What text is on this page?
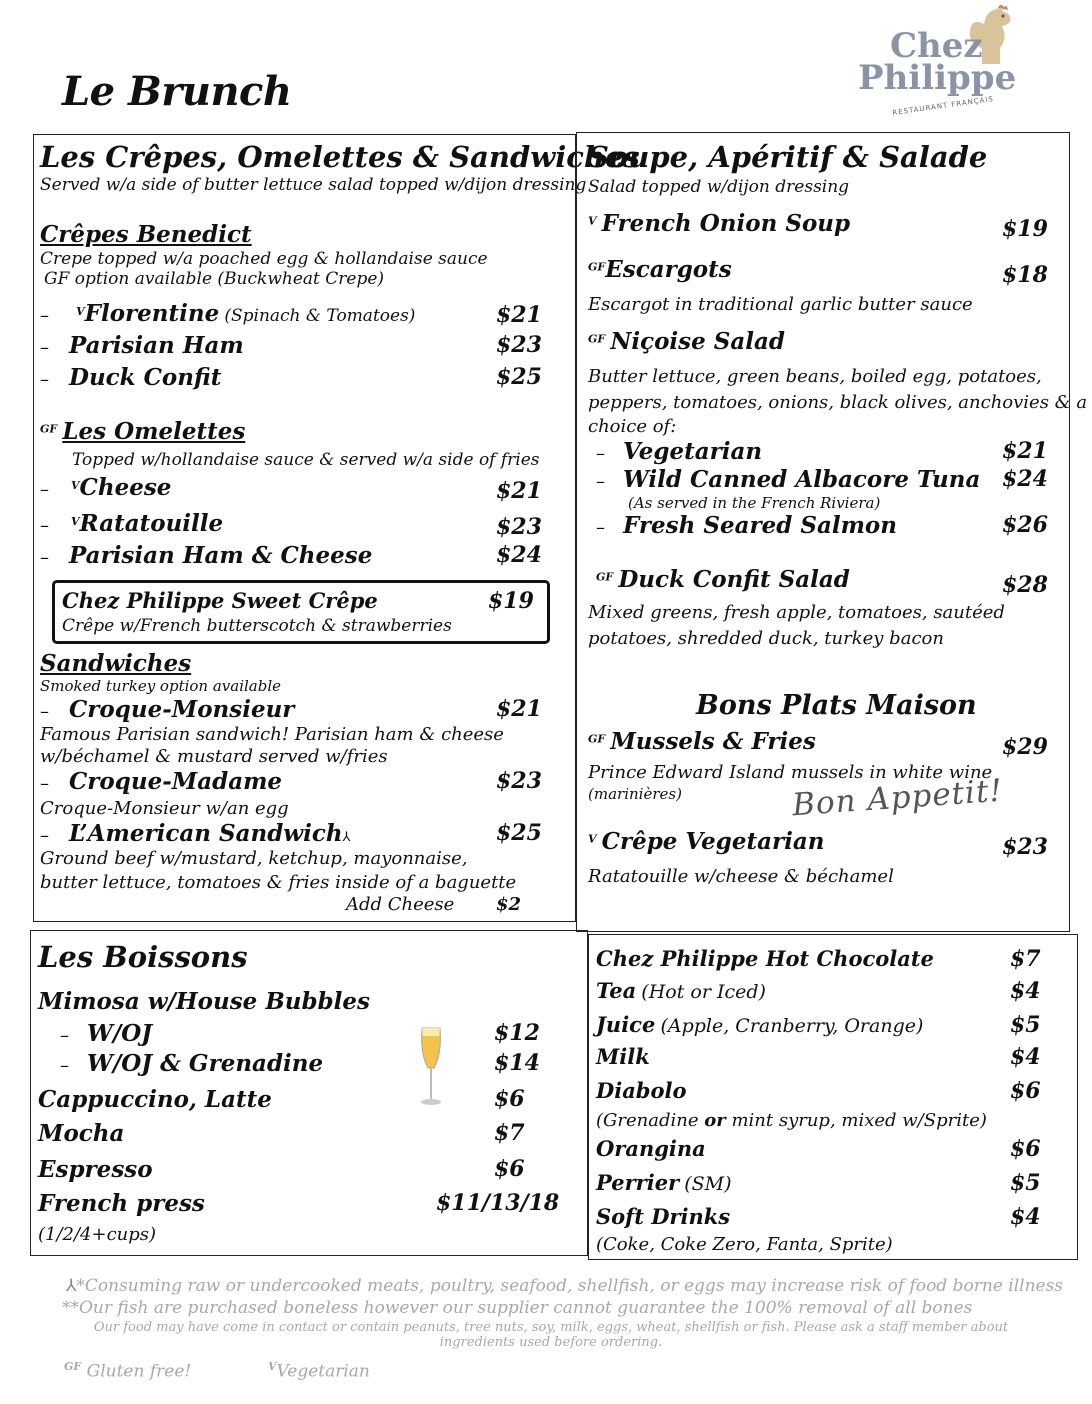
Le Brunch
Chez
Philippe
RESTAURANT FRANÇAIS
Les Crêpes, Omelettes & Sandwiches
Served w/a side of butter lettuce salad topped w/dijon dressing
Crêpes Benedict
Crepe topped w/a poached egg & hollandaise sauce
GF option available (Buckwheat Crepe)
– $^V$Florentine (Spinach & Tomatoes)	$21
– Parisian Ham	$23
– Duck Confit	$25
$^{GF}$ Les Omelettes
Topped w/hollandaise sauce & served w/a side of fries
– $^V$Cheese	$21
– $^V$Ratatouille	$23
– Parisian Ham & Cheese	$24
Chez Philippe Sweet Crêpe	$19
Crêpe w/French butterscotch & strawberries
Sandwiches
Smoked turkey option available
– Croque-Monsieur	$21
Famous Parisian sandwich! Parisian ham & cheese
w/béchamel & mustard served w/fries
– Croque-Madame	$23
Croque-Monsieur w/an egg
– L’American Sandwich⅄	$25
Ground beef w/mustard, ketchup, mayonnaise,
butter lettuce, tomatoes & fries inside of a baguette
Add Cheese $2
Soupe, Apéritif & Salade
Salad topped w/dijon dressing
$^V$ French Onion Soup	$19
$^{GF}$Escargots	$18
Escargot in traditional garlic butter sauce
$^{GF}$ Niçoise Salad
Butter lettuce, green beans, boiled egg, potatoes,
peppers, tomatoes, onions, black olives, anchovies & a
choice of:
– Vegetarian	$21
– Wild Canned Albacore Tuna $24
(As served in the French Riviera)
– Fresh Seared Salmon	$26
$^{GF}$ Duck Confit Salad	$28
Mixed greens, fresh apple, tomatoes, sautéed
potatoes, shredded duck, turkey bacon
Bons Plats Maison
$^{GF}$ Mussels & Fries	$29
Prince Edward Island mussels in white wine
(marinières)	Bon Appetit!
$^V$ Crêpe Vegetarian	$23
Ratatouille w/cheese & béchamel
Les Boissons
Mimosa w/House Bubbles
– W/OJ	$12
– W/OJ & Grenadine	$14
Cappuccino, Latte	$6
Mocha	$7
Espresso	$6
French press	$11/13/18
(1/2/4+cups)
Chez Philippe Hot Chocolate	$7
Tea (Hot or Iced)	$4
Juice (Apple, Cranberry, Orange)	$5
Milk	$4
Diabolo	$6
(Grenadine or mint syrup, mixed w/Sprite)
Orangina	$6
Perrier (SM)	$5
Soft Drinks	$4
(Coke, Coke Zero, Fanta, Sprite)
⅄*Consuming raw or undercooked meats, poultry, seafood, shellfish, or eggs may increase risk of food borne illness
**Our fish are purchased boneless however our supplier cannot guarantee the 100% removal of all bones
Our food may have come in contact or contain peanuts, tree nuts, soy, milk, eggs, wheat, shellfish or fish. Please ask a staff member about ingredients used before ordering.
$^{GF}$ Gluten free!	$^V$Vegetarian
